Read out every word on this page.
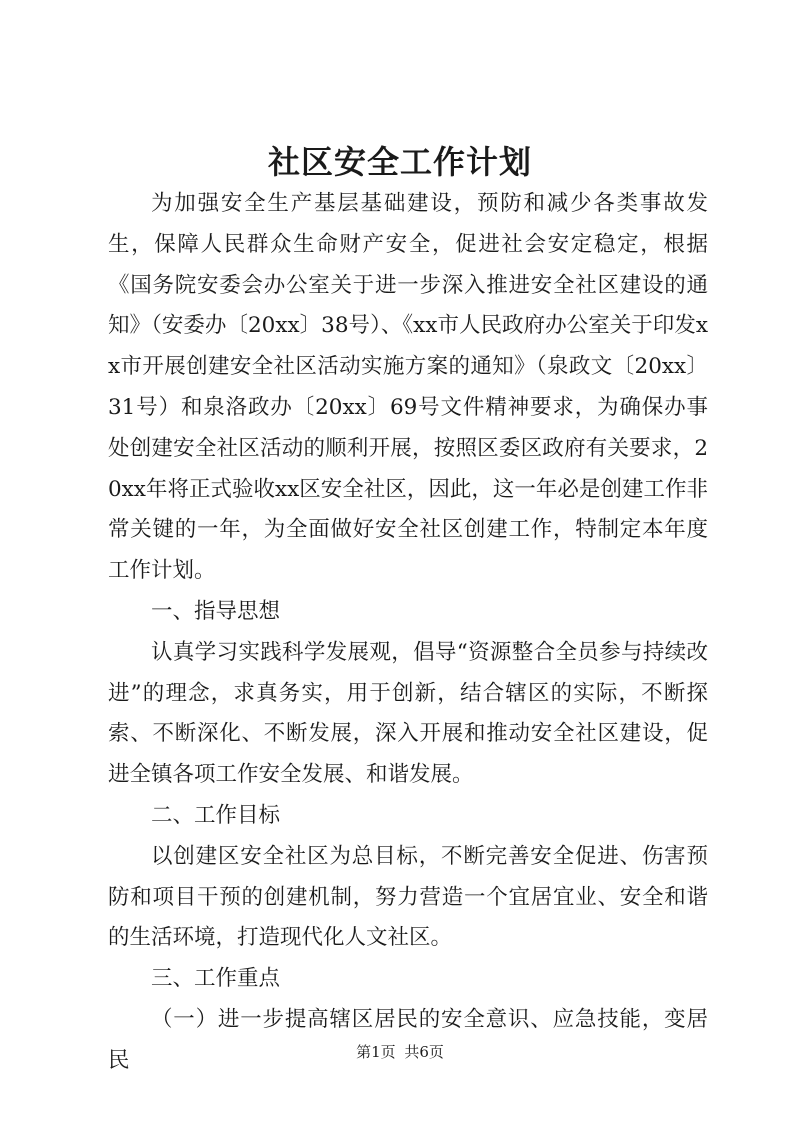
社区安全工作计划

为加强安全生产基层基础建设，预防和减少各类事故发生，保障人民群众生命财产安全，促进社会安定稳定，根据《国务院安委会办公室关于进一步深入推进安全社区建设的通知》（安委办〔20xx〕38号）、《xx市人民政府办公室关于印发xx市开展创建安全社区活动实施方案的通知》（泉政文〔20xx〕31号）和泉洛政办〔20xx〕69号文件精神要求，为确保办事处创建安全社区活动的顺利开展，按照区委区政府有关要求，20xx年将正式验收xx区安全社区，因此，这一年必是创建工作非常关键的一年，为全面做好安全社区创建工作，特制定本年度工作计划。

一、指导思想

认真学习实践科学发展观，倡导“资源整合全员参与持续改进”的理念，求真务实，用于创新，结合辖区的实际，不断探索、不断深化、不断发展，深入开展和推动安全社区建设，促进全镇各项工作安全发展、和谐发展。

二、工作目标

以创建区安全社区为总目标，不断完善安全促进、伤害预防和项目干预的创建机制，努力营造一个宜居宜业、安全和谐的生活环境，打造现代化人文社区。

三、工作重点

（一）进一步提高辖区居民的安全意识、应急技能，变居民	第1页 共6页
